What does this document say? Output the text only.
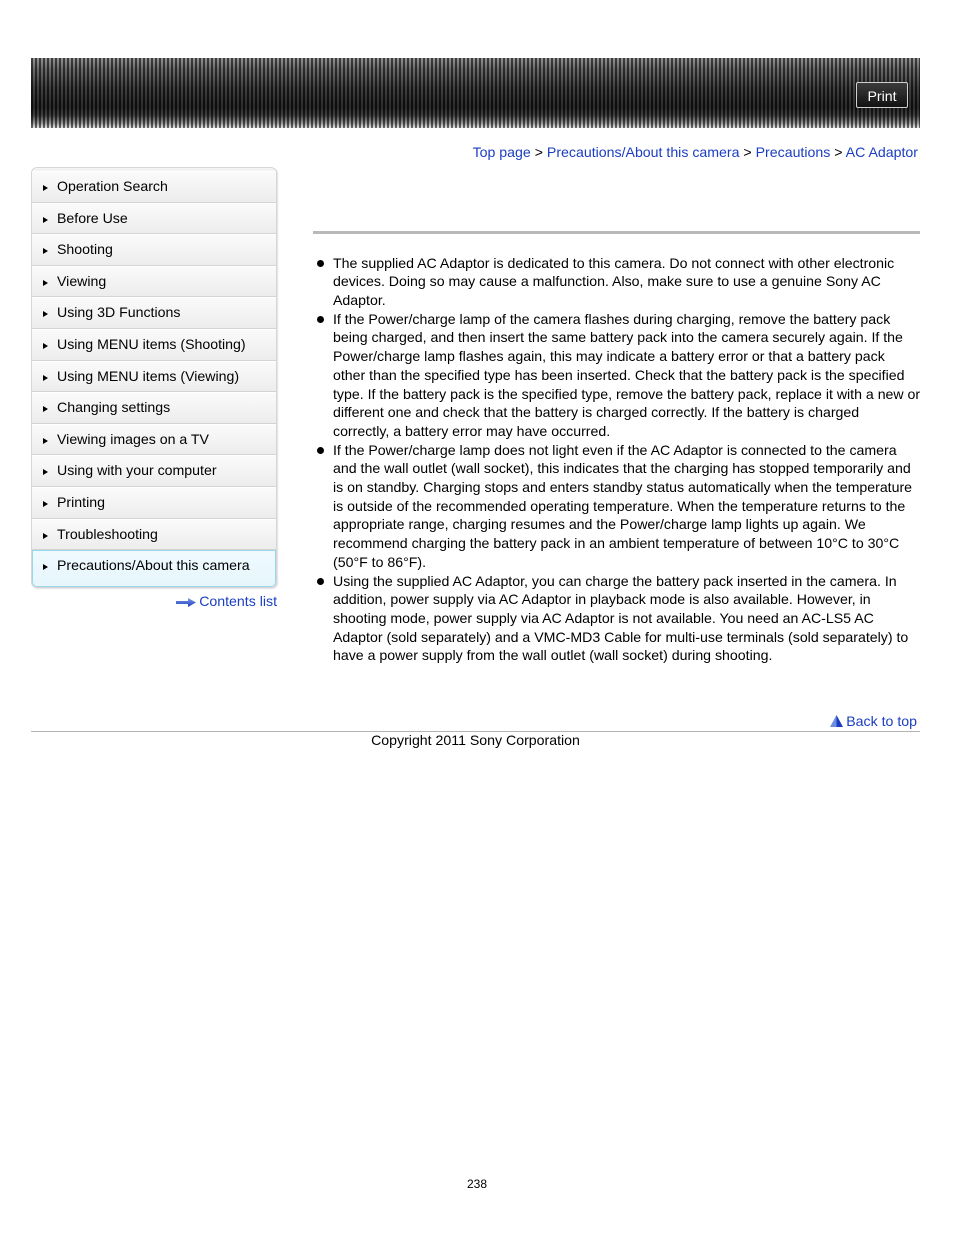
Print
Top page > Precautions/About this camera > Precautions > AC Adaptor
Operation Search
Before Use
Shooting
Viewing
Using 3D Functions
Using MENU items (Shooting)
Using MENU items (Viewing)
Changing settings
Viewing images on a TV
Using with your computer
Printing
Troubleshooting
Precautions/About this camera
Contents list

The supplied AC Adaptor is dedicated to this camera. Do not connect with other electronic
devices. Doing so may cause a malfunction. Also, make sure to use a genuine Sony AC
Adaptor.

If the Power/charge lamp of the camera flashes during charging, remove the battery pack
being charged, and then insert the same battery pack into the camera securely again. If the
Power/charge lamp flashes again, this may indicate a battery error or that a battery pack
other than the specified type has been inserted. Check that the battery pack is the specified
type. If the battery pack is the specified type, remove the battery pack, replace it with a new or
different one and check that the battery is charged correctly. If the battery is charged
correctly, a battery error may have occurred.

If the Power/charge lamp does not light even if the AC Adaptor is connected to the camera
and the wall outlet (wall socket), this indicates that the charging has stopped temporarily and
is on standby. Charging stops and enters standby status automatically when the temperature
is outside of the recommended operating temperature. When the temperature returns to the
appropriate range, charging resumes and the Power/charge lamp lights up again. We
recommend charging the battery pack in an ambient temperature of between 10°C to 30°C
(50°F to 86°F).

Using the supplied AC Adaptor, you can charge the battery pack inserted in the camera. In
addition, power supply via AC Adaptor in playback mode is also available. However, in
shooting mode, power supply via AC Adaptor is not available. You need an AC-LS5 AC
Adaptor (sold separately) and a VMC-MD3 Cable for multi-use terminals (sold separately) to
have a power supply from the wall outlet (wall socket) during shooting.

Back to top
Copyright 2011 Sony Corporation
238
